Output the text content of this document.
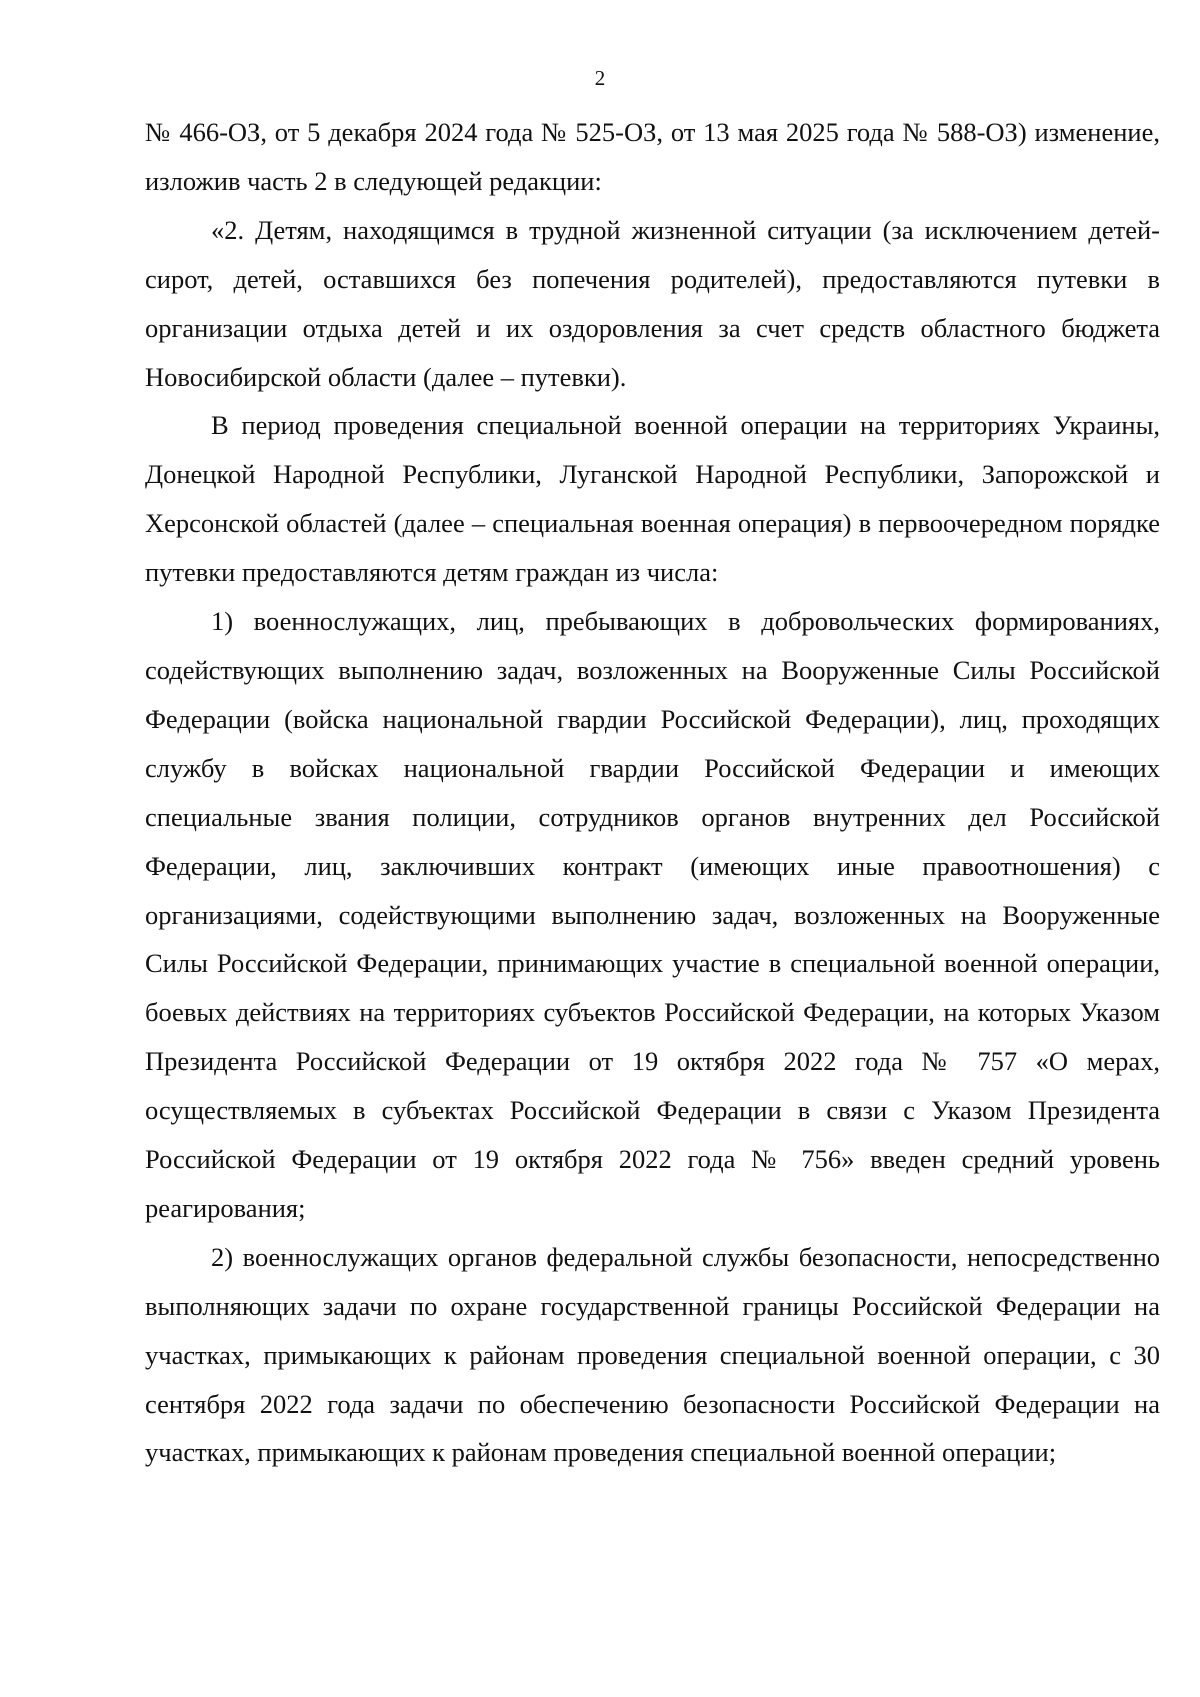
2

№ 466-ОЗ, от 5 декабря 2024 года № 525-ОЗ, от 13 мая 2025 года № 588-ОЗ) изменение, изложив часть 2 в следующей редакции:

«2. Детям, находящимся в трудной жизненной ситуации (за исключением детей-сирот, детей, оставшихся без попечения родителей), предоставляются путевки в организации отдыха детей и их оздоровления за счет средств областного бюджета Новосибирской области (далее – путевки).

В период проведения специальной военной операции на территориях Украины, Донецкой Народной Республики, Луганской Народной Республики, Запорожской и Херсонской областей (далее – специальная военная операция) в первоочередном порядке путевки предоставляются детям граждан из числа:

1) военнослужащих, лиц, пребывающих в добровольческих формированиях, содействующих выполнению задач, возложенных на Вооруженные Силы Российской Федерации (войска национальной гвардии Российской Федерации), лиц, проходящих службу в войсках национальной гвардии Российской Федерации и имеющих специальные звания полиции, сотрудников органов внутренних дел Российской Федерации, лиц, заключивших контракт (имеющих иные правоотношения) с организациями, содействующими выполнению задач, возложенных на Вооруженные Силы Российской Федерации, принимающих участие в специальной военной операции, боевых действиях на территориях субъектов Российской Федерации, на которых Указом Президента Российской Федерации от 19 октября 2022 года № 757 «О мерах, осуществляемых в субъектах Российской Федерации в связи с Указом Президента Российской Федерации от 19 октября 2022 года № 756» введен средний уровень реагирования;

2) военнослужащих органов федеральной службы безопасности, непосредственно выполняющих задачи по охране государственной границы Российской Федерации на участках, примыкающих к районам проведения специальной военной операции, с 30 сентября 2022 года задачи по обеспечению безопасности Российской Федерации на участках, примыкающих к районам проведения специальной военной операции;
